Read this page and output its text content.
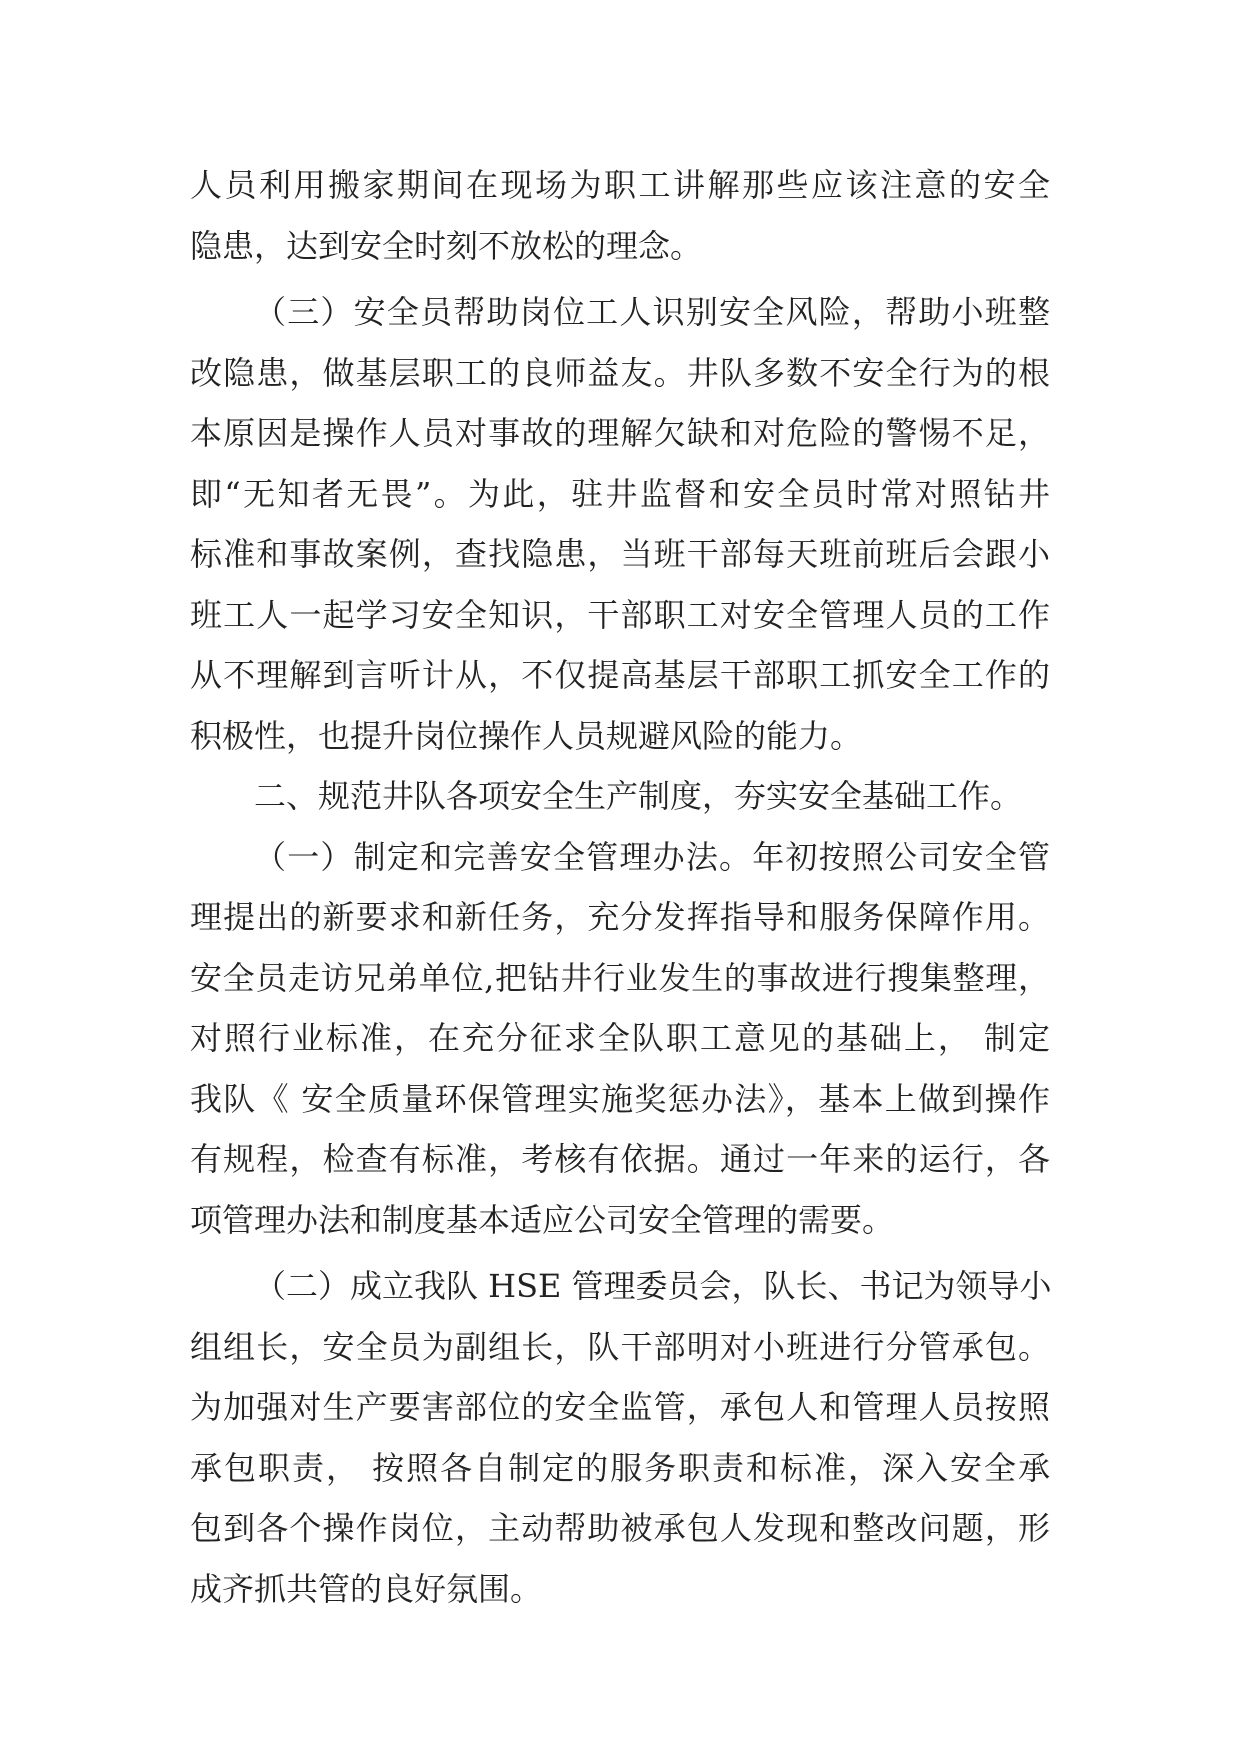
人员利用搬家期间在现场为职工讲解那些应该注意的安全
隐患，达到安全时刻不放松的理念。
（三）安全员帮助岗位工人识别安全风险，帮助小班整
改隐患，做基层职工的良师益友。井队多数不安全行为的根
本原因是操作人员对事故的理解欠缺和对危险的警惕不足，
即“无知者无畏”。为此，驻井监督和安全员时常对照钻井
标准和事故案例，查找隐患，当班干部每天班前班后会跟小
班工人一起学习安全知识，干部职工对安全管理人员的工作
从不理解到言听计从，不仅提高基层干部职工抓安全工作的
积极性，也提升岗位操作人员规避风险的能力。
二、规范井队各项安全生产制度，夯实安全基础工作。
（一）制定和完善安全管理办法。年初按照公司安全管
理提出的新要求和新任务，充分发挥指导和服务保障作用。
安全员走访兄弟单位,把钻井行业发生的事故进行搜集整理，
对照行业标准，在充分征求全队职工意见的基础上， 制定
我队《 安全质量环保管理实施奖惩办法》，基本上做到操作
有规程，检查有标准，考核有依据。通过一年来的运行，各
项管理办法和制度基本适应公司安全管理的需要。
（二）成立我队 HSE 管理委员会，队长、书记为领导小
组组长，安全员为副组长，队干部明对小班进行分管承包。
为加强对生产要害部位的安全监管，承包人和管理人员按照
承包职责， 按照各自制定的服务职责和标准，深入安全承
包到各个操作岗位，主动帮助被承包人发现和整改问题，形
成齐抓共管的良好氛围。
